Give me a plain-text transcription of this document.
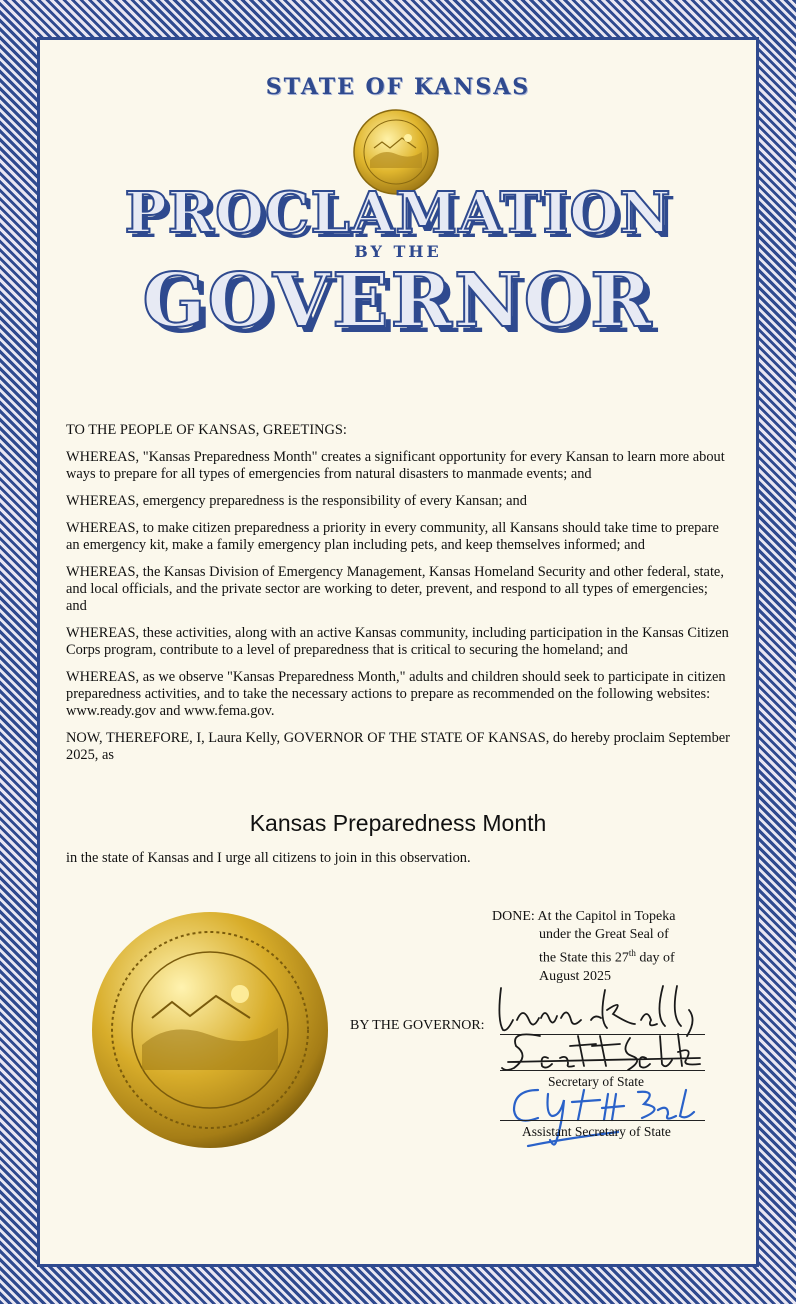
STATE OF KANSAS
PROCLAMATION
BY THE
GOVERNOR

TO THE PEOPLE OF KANSAS, GREETINGS:

WHEREAS, "Kansas Preparedness Month" creates a significant opportunity for every Kansan to learn more about ways to prepare for all types of emergencies from natural disasters to manmade events; and

WHEREAS, emergency preparedness is the responsibility of every Kansan; and

WHEREAS, to make citizen preparedness a priority in every community, all Kansans should take time to prepare an emergency kit, make a family emergency plan including pets, and keep themselves informed; and

WHEREAS, the Kansas Division of Emergency Management, Kansas Homeland Security and other federal, state, and local officials, and the private sector are working to deter, prevent, and respond to all types of emergencies; and

WHEREAS, these activities, along with an active Kansas community, including participation in the Kansas Citizen Corps program, contribute to a level of preparedness that is critical to securing the homeland; and

WHEREAS, as we observe "Kansas Preparedness Month," adults and children should seek to participate in citizen preparedness activities, and to take the necessary actions to prepare as recommended on the following websites: www.ready.gov and www.fema.gov.

NOW, THEREFORE, I, Laura Kelly, GOVERNOR OF THE STATE OF KANSAS, do hereby proclaim September 2025, as

Kansas Preparedness Month
in the state of Kansas and I urge all citizens to join in this observation.
DONE: At the Capitol in Topeka

under the Great Seal of
the State this 27th day of
August 2025
BY THE GOVERNOR:
Secretary of State
Assistant Secretary of State
